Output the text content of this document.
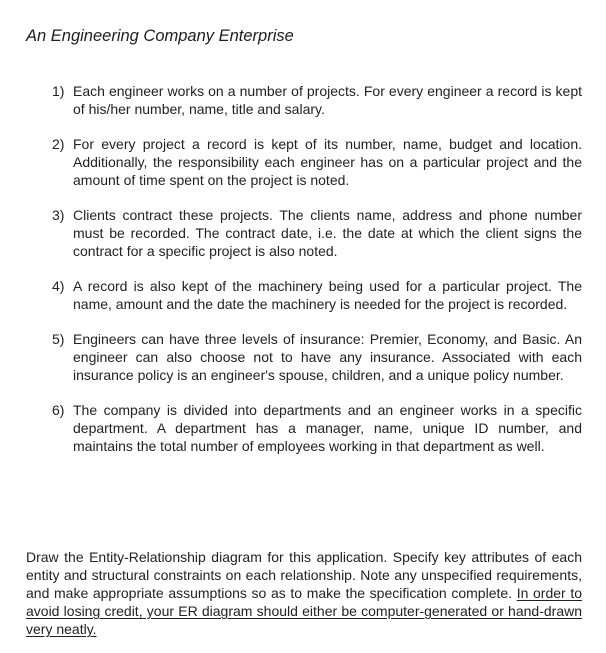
An Engineering Company Enterprise
1) Each engineer works on a number of projects. For every engineer a record is kept of his/her number, name, title and salary.
2) For every project a record is kept of its number, name, budget and location. Additionally, the responsibility each engineer has on a particular project and the amount of time spent on the project is noted.
3) Clients contract these projects. The clients name, address and phone number must be recorded. The contract date, i.e. the date at which the client signs the contract for a specific project is also noted.
4) A record is also kept of the machinery being used for a particular project. The name, amount and the date the machinery is needed for the project is recorded.
5) Engineers can have three levels of insurance: Premier, Economy, and Basic. An engineer can also choose not to have any insurance. Associated with each insurance policy is an engineer's spouse, children, and a unique policy number.
6) The company is divided into departments and an engineer works in a specific department. A department has a manager, name, unique ID number, and maintains the total number of employees working in that department as well.

Draw the Entity-Relationship diagram for this application. Specify key attributes of each entity and structural constraints on each relationship. Note any unspecified requirements, and make appropriate assumptions so as to make the specification complete. In order to avoid losing credit, your ER diagram should either be computer-generated or hand-drawn very neatly.
